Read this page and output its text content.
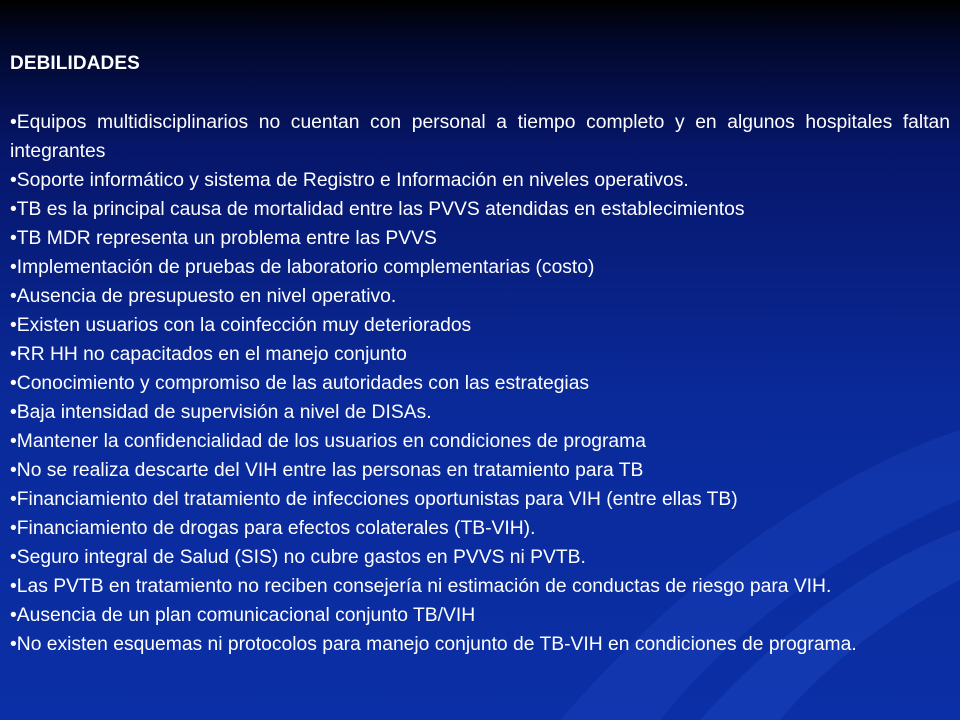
DEBILIDADES
•Equipos multidisciplinarios no cuentan con personal a tiempo completo y en algunos hospitales faltan integrantes
•Soporte informático y sistema de Registro e Información en niveles operativos.
•TB es la principal causa de mortalidad entre las PVVS atendidas en establecimientos
•TB MDR representa un problema entre las PVVS
•Implementación de pruebas de laboratorio complementarias (costo)
•Ausencia de presupuesto en nivel operativo.
•Existen usuarios con la coinfección muy deteriorados
•RR HH no capacitados en el manejo conjunto
•Conocimiento y compromiso de las autoridades con las estrategias
•Baja intensidad de supervisión a nivel de DISAs.
•Mantener la confidencialidad de los usuarios en condiciones de programa
•No se realiza descarte del VIH entre las personas en tratamiento para TB
•Financiamiento del tratamiento de infecciones oportunistas para VIH (entre ellas TB)
•Financiamiento de drogas para efectos colaterales (TB-VIH).
•Seguro integral de Salud (SIS) no cubre gastos en PVVS ni PVTB.
•Las PVTB en tratamiento no reciben consejería ni estimación de conductas de riesgo para VIH.
•Ausencia de un plan comunicacional conjunto TB/VIH
•No existen esquemas ni protocolos para manejo conjunto de TB-VIH en condiciones de programa.
